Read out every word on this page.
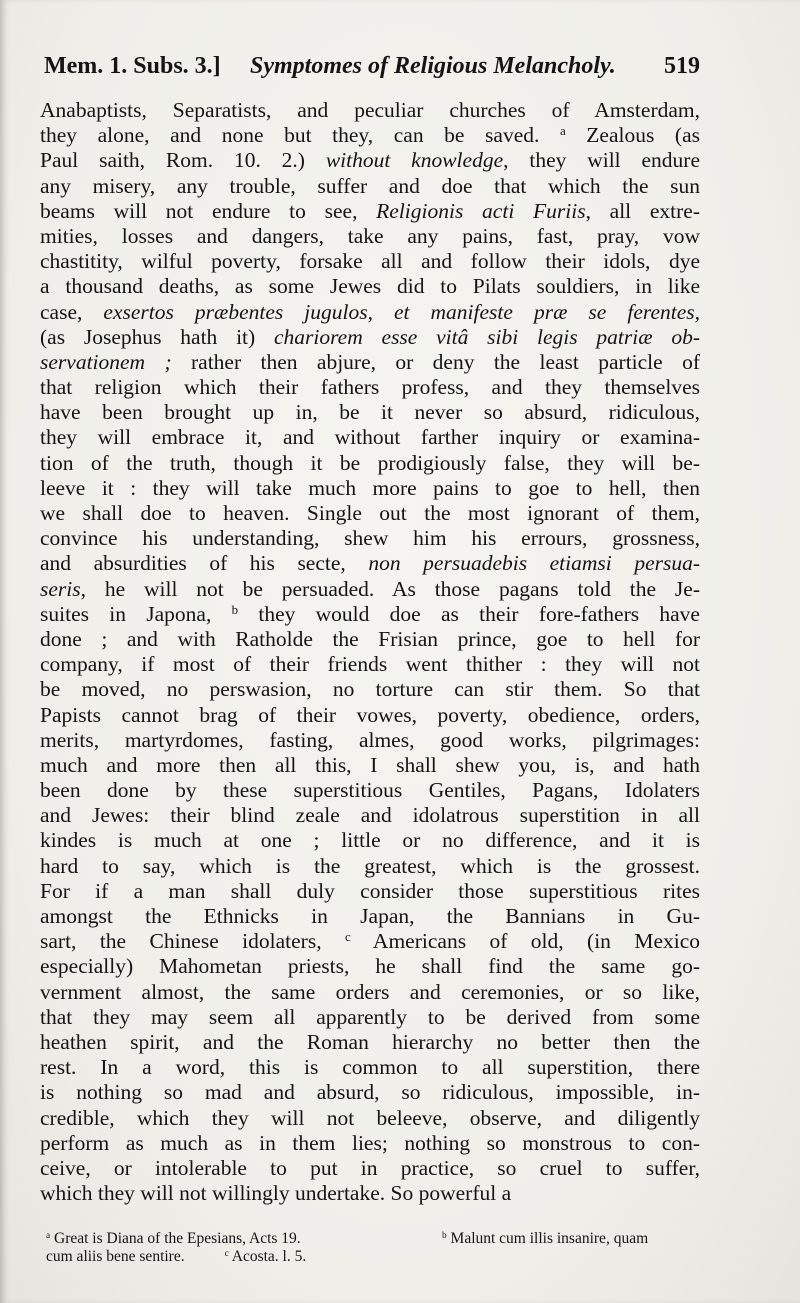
Mem. 1. Subs. 3.] Symptomes of Religious Melancholy. 519
Anabaptists, Separatists, and peculiar churches of Amsterdam,
they alone, and none but they, can be saved. $^a$ Zealous (as
Paul saith, Rom. 10. 2.) without knowledge, they will endure
any misery, any trouble, suffer and doe that which the sun
beams will not endure to see, Religionis acti Furiis, all extre-
mities, losses and dangers, take any pains, fast, pray, vow
chastitity, wilful poverty, forsake all and follow their idols, dye
a thousand deaths, as some Jewes did to Pilats souldiers, in like
case, exsertos præbentes jugulos, et manifeste præ se ferentes,
(as Josephus hath it) chariorem esse vitâ sibi legis patriæ ob-
servationem ; rather then abjure, or deny the least particle of
that religion which their fathers profess, and they themselves
have been brought up in, be it never so absurd, ridiculous,
they will embrace it, and without farther inquiry or examina-
tion of the truth, though it be prodigiously false, they will be-
leeve it : they will take much more pains to goe to hell, then
we shall doe to heaven. Single out the most ignorant of them,
convince his understanding, shew him his errours, grossness,
and absurdities of his secte, non persuadebis etiamsi persua-
seris, he will not be persuaded. As those pagans told the Je-
suites in Japona, $^b$ they would doe as their fore-fathers have
done ; and with Ratholde the Frisian prince, goe to hell for
company, if most of their friends went thither : they will not
be moved, no perswasion, no torture can stir them. So that
Papists cannot brag of their vowes, poverty, obedience, orders,
merits, martyrdomes, fasting, almes, good works, pilgrimages:
much and more then all this, I shall shew you, is, and hath
been done by these superstitious Gentiles, Pagans, Idolaters
and Jewes: their blind zeale and idolatrous superstition in all
kindes is much at one ; little or no difference, and it is
hard to say, which is the greatest, which is the grossest.
For if a man shall duly consider those superstitious rites
amongst the Ethnicks in Japan, the Bannians in Gu-
sart, the Chinese idolaters, $^c$ Americans of old, (in Mexico
especially) Mahometan priests, he shall find the same go-
vernment almost, the same orders and ceremonies, or so like,
that they may seem all apparently to be derived from some
heathen spirit, and the Roman hierarchy no better then the
rest. In a word, this is common to all superstition, there
is nothing so mad and absurd, so ridiculous, impossible, in-
credible, which they will not beleeve, observe, and diligently
perform as much as in them lies; nothing so monstrous to con-
ceive, or intolerable to put in practice, so cruel to suffer,
which they will not willingly undertake. So powerful a
$^a$ Great is Diana of the Epesians, Acts 19.
cum aliis bene sentire.	$^c$ Acosta. l. 5.
$^b$ Malunt cum illis insanire, quam
